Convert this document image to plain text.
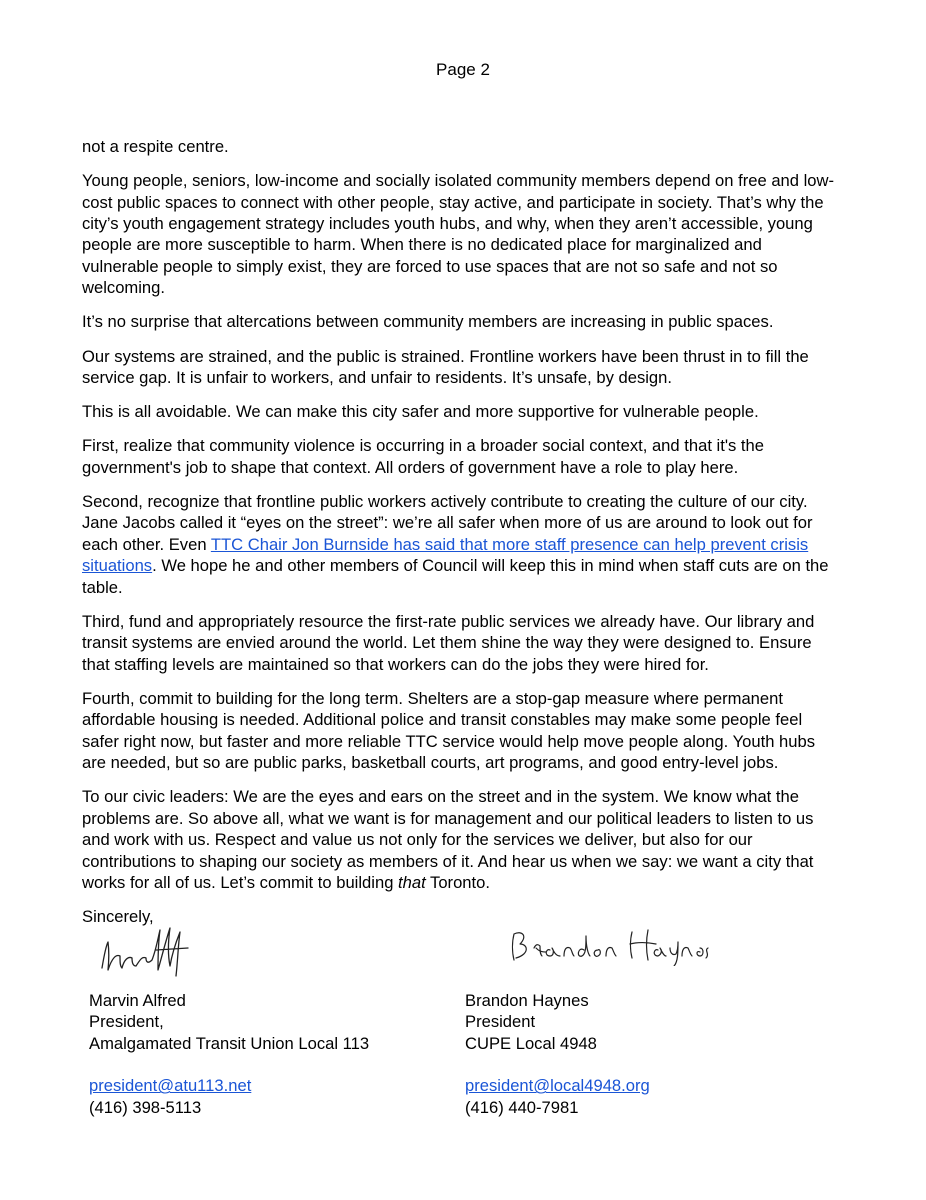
Page 2

not a respite centre.

Young people, seniors, low-income and socially isolated community members depend on free and low-cost public spaces to connect with other people, stay active, and participate in society. That’s why the city’s youth engagement strategy includes youth hubs, and why, when they aren’t accessible, young people are more susceptible to harm. When there is no dedicated place for marginalized and vulnerable people to simply exist, they are forced to use spaces that are not so safe and not so welcoming.

It’s no surprise that altercations between community members are increasing in public spaces.

Our systems are strained, and the public is strained. Frontline workers have been thrust in to fill the service gap. It is unfair to workers, and unfair to residents. It’s unsafe, by design.

This is all avoidable. We can make this city safer and more supportive for vulnerable people.

First, realize that community violence is occurring in a broader social context, and that it's the government's job to shape that context. All orders of government have a role to play here.

Second, recognize that frontline public workers actively contribute to creating the culture of our city. Jane Jacobs called it “eyes on the street”: we’re all safer when more of us are around to look out for each other. Even TTC Chair Jon Burnside has said that more staff presence can help prevent crisis situations. We hope he and other members of Council will keep this in mind when staff cuts are on the table.

Third, fund and appropriately resource the first-rate public services we already have. Our library and transit systems are envied around the world. Let them shine the way they were designed to. Ensure that staffing levels are maintained so that workers can do the jobs they were hired for.

Fourth, commit to building for the long term. Shelters are a stop-gap measure where permanent affordable housing is needed. Additional police and transit constables may make some people feel safer right now, but faster and more reliable TTC service would help move people along. Youth hubs are needed, but so are public parks, basketball courts, art programs, and good entry-level jobs.

To our civic leaders: We are the eyes and ears on the street and in the system. We know what the problems are. So above all, what we want is for management and our political leaders to listen to us and work with us. Respect and value us not only for the services we deliver, but also for our contributions to shaping our society as members of it. And hear us when we say: we want a city that works for all of us. Let’s commit to building that Toronto.

Sincerely,

Marvin Alfred
President,
Amalgamated Transit Union Local 113
president@atu113.net
(416) 398-5113
Brandon Haynes
President
CUPE Local 4948
president@local4948.org
(416) 440-7981
